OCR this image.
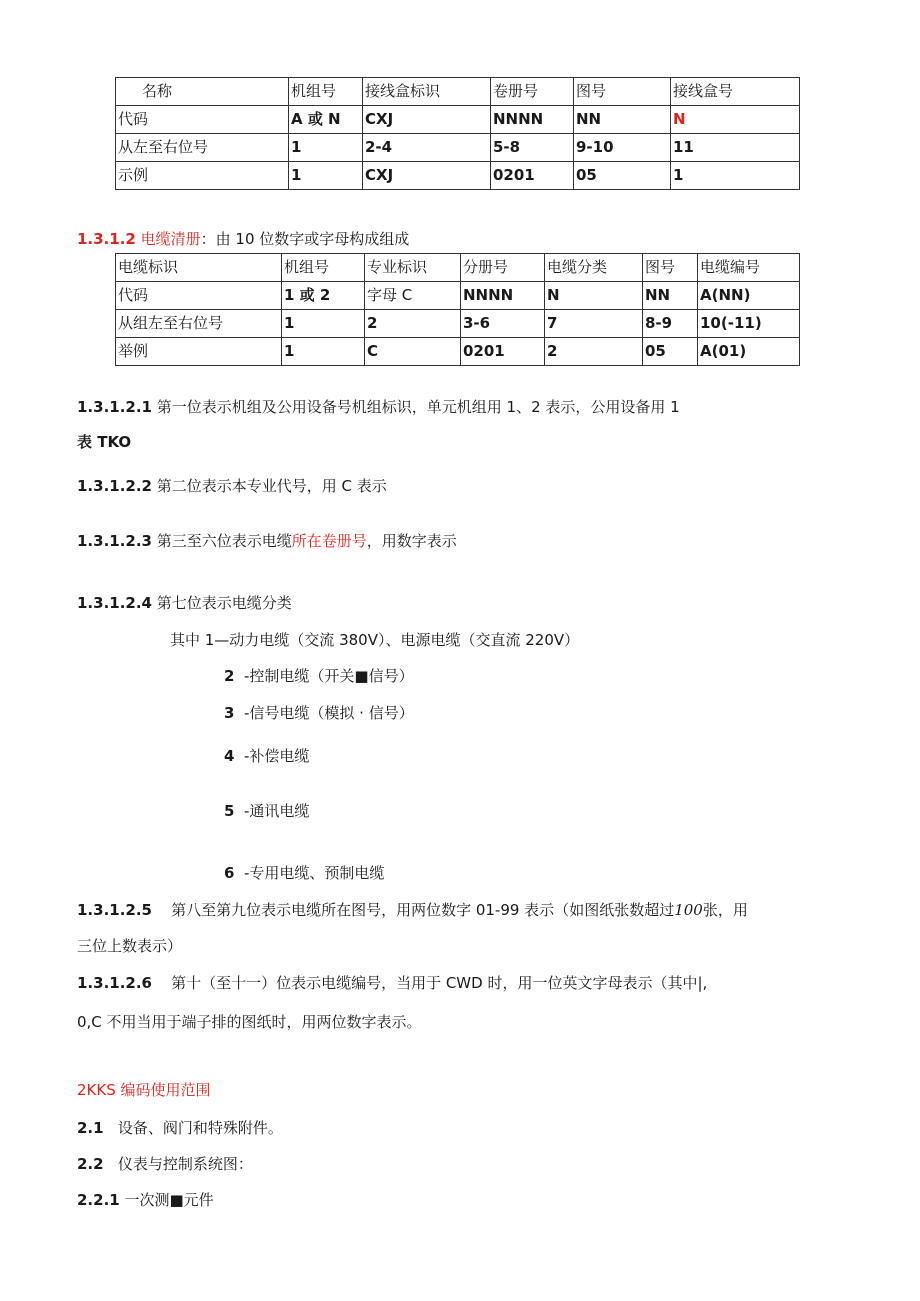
名称	机组号	接线盒标识	卷册号	图号	接线盒号
代码	A 或 N	CXJ	NNNN	NN	N
从左至右位号	1	2-4	5-8	9-10	11
示例	1	CXJ	0201	05	1
1.3.1.2 电缆清册：由 10 位数字或字母构成组成
电缆标识	机组号	专业标识	分册号	电缆分类	图号	电缆编号
代码	1 或 2	字母 C	NNNN	N	NN	A(NN)
从组左至右位号	1	2	3-6	7	8-9	10(-11)
举例	1	C	0201	2	05	A(01)
1.3.1.2.1 第一位表示机组及公用设备号机组标识，单元机组用 1、2 表示，公用设备用 1
表 TKO
1.3.1.2.2 第二位表示本专业代号，用 C 表示
1.3.1.2.3 第三至六位表示电缆所在卷册号，用数字表示
1.3.1.2.4 第七位表示电缆分类
其中 1—动力电缆（交流 380V）、电源电缆（交直流 220V）
2 -控制电缆（开关■信号）
3 -信号电缆（模拟 · 信号）
4 -补偿电缆
5 -通讯电缆
6 -专用电缆、预制电缆
1.3.1.2.5 第八至第九位表示电缆所在图号，用两位数字 01-99 表示（如图纸张数超过100张，用
三位上数表示）
1.3.1.2.6 第十（至十一）位表示电缆编号，当用于 CWD 时，用一位英文字母表示（其中|,
0,C 不用当用于端子排的图纸时，用两位数字表示。
2KKS 编码使用范围
2.1 设备、阀门和特殊附件。
2.2 仪表与控制系统图：
2.2.1 一次测■元件
